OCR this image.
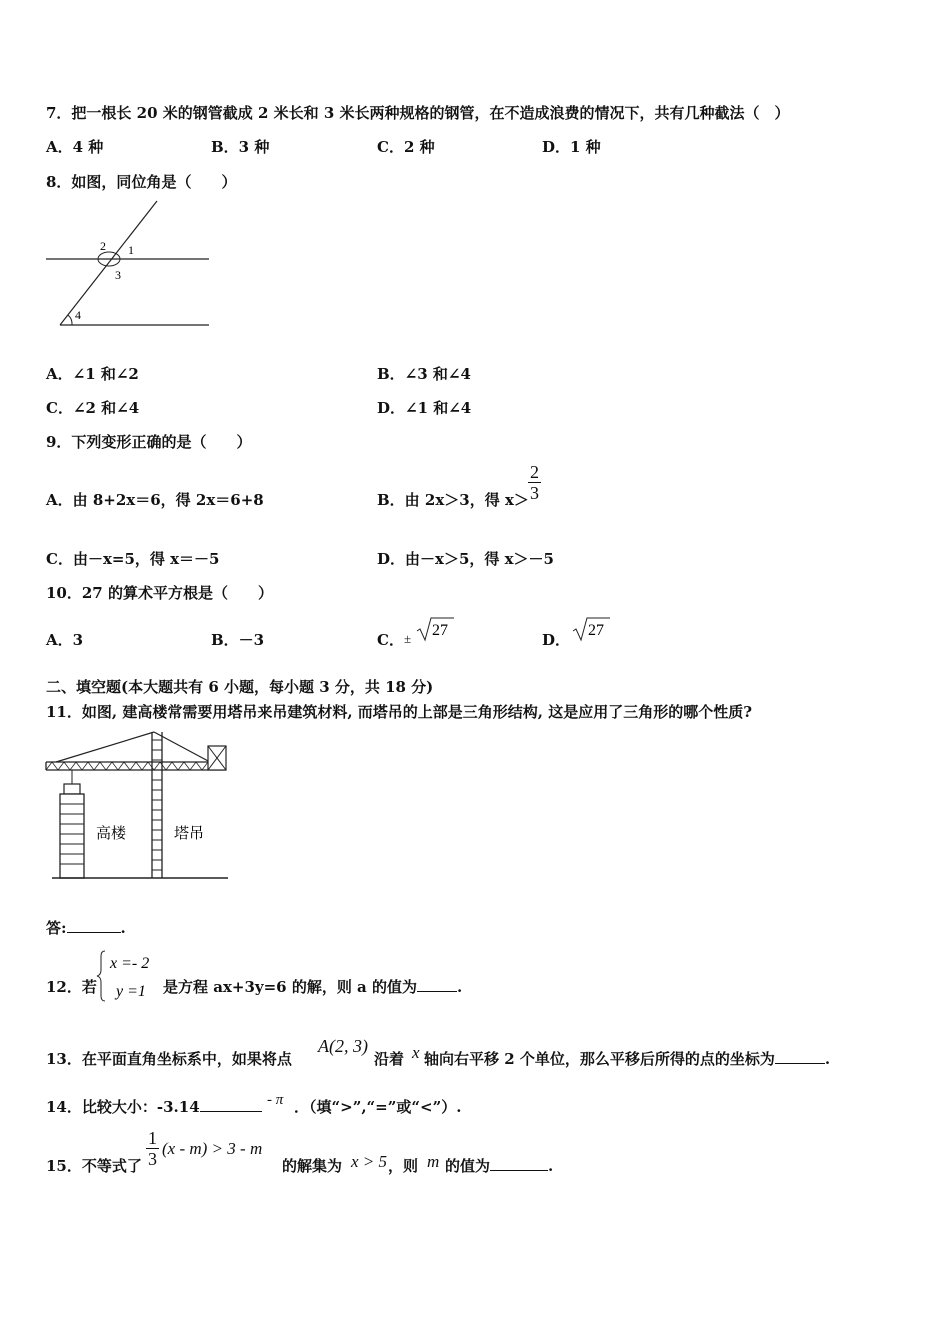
7．把一根长 20 米的钢管截成 2 米长和 3 米长两种规格的钢管，在不造成浪费的情况下，共有几种截法（　）
A．4 种	B．3 种	C．2 种	D．1 种
8．如图，同位角是（　　）
2 1
3
4
A．∠1 和∠2	B．∠3 和∠4
C．∠2 和∠4	D．∠1 和∠4
9．下列变形正确的是（　　）
A．由 8+2x＝6，得 2x＝6+8	B．由 2x＞3，得 $x> \frac{2}{3}$
C．由－x=5，得 x＝－5	D．由－x＞5，得 x＞－5
10．27 的算术平方根是（　　）
A．3	B．－3	C． ± 27
D．
27
二、填空题(本大题共有 6 小题，每小题 3 分，共 18 分)
11．如图, 建高楼常需要用塔吊来吊建筑材料, 而塔吊的上部是三角形结构, 这是应用了三角形的哪个性质?
高楼	塔吊
答:	.
12．若
x =- 2
y =1 是方程 ax+3y=6 的解，则 a 的值为	.
13．在平面直角坐标系中，如果将点
A(2, 3)
沿着 x 轴向右平移 2 个单位，那么平移后所得的点的坐标为	.
14．比较大小：-3.14	- π ．（填“>”,“=”或“<”）.
15．不等式了 $\frac{1}{3} (x - m) > 3 - m$
的解集为 x > 5 ，则 m 的值为	.
